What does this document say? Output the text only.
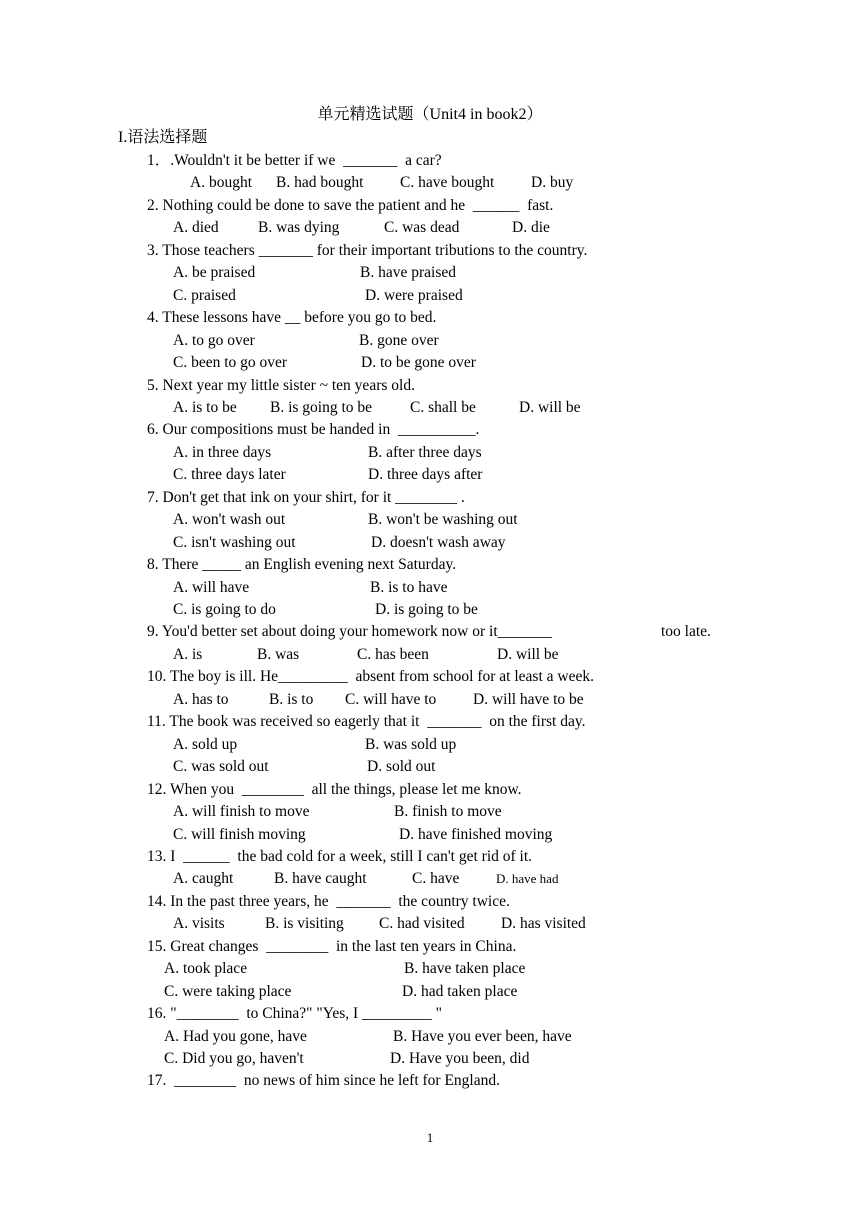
单元精选试题（Unit4 in book2）
I.语法选择题
1．.Wouldn't it be better if we  _______  a car?
A. bought B. had bought C. have bought D. buy
2. Nothing could be done to save the patient and he  ______  fast.
A. died	B. was dying	C. was dead	D. die
3. Those teachers _______ for their important tributions to the country.
A. be praised	B. have praised
C. praised	D. were praised
4. These lessons have __ before you go to bed.
A. to go over	B. gone over
C. been to go over	D. to be gone over
5. Next year my little sister ~ ten years old.
A. is to be B. is going to be C. shall be	D. will be
6. Our compositions must be handed in  __________.
A. in three days	B. after three days
C. three days later	D. three days after
7. Don't get that ink on your shirt, for it ________ .
A. won't wash out	B. won't be washing out
C. isn't washing out	D. doesn't wash away
8. There _____ an English evening next Saturday.
A. will have	B. is to have
C. is going to do	D. is going to be
9. You'd better set about doing your homework now or it_______	too late.
A. is	B. was	C. has been	D. will be
10. The boy is ill. He_________  absent from school for at least a week.
A. has to	B. is to C. will have to D. will have to be
11. The book was received so eagerly that it  _______  on the first day.
A. sold up	B. was sold up
C. was sold out	D. sold out
12. When you  ________  all the things, please let me know.
A. will finish to move	B. finish to move
C. will finish moving	D. have finished moving
13. I  ______  the bad cold for a week, still I can't get rid of it.
A. caught	B. have caught	C. have	D. have had
14. In the past three years, he  _______  the country twice.
A. visits	B. is visiting C. had visited D. has visited
15. Great changes  ________  in the last ten years in China.
A. took place	B. have taken place
C. were taking place	D. had taken place
16. "________  to China?" "Yes, I _________ "
A. Had you gone, have	B. Have you ever been, have
C. Did you go, haven't	D. Have you been, did
17.  ________  no news of him since he left for England.
1
